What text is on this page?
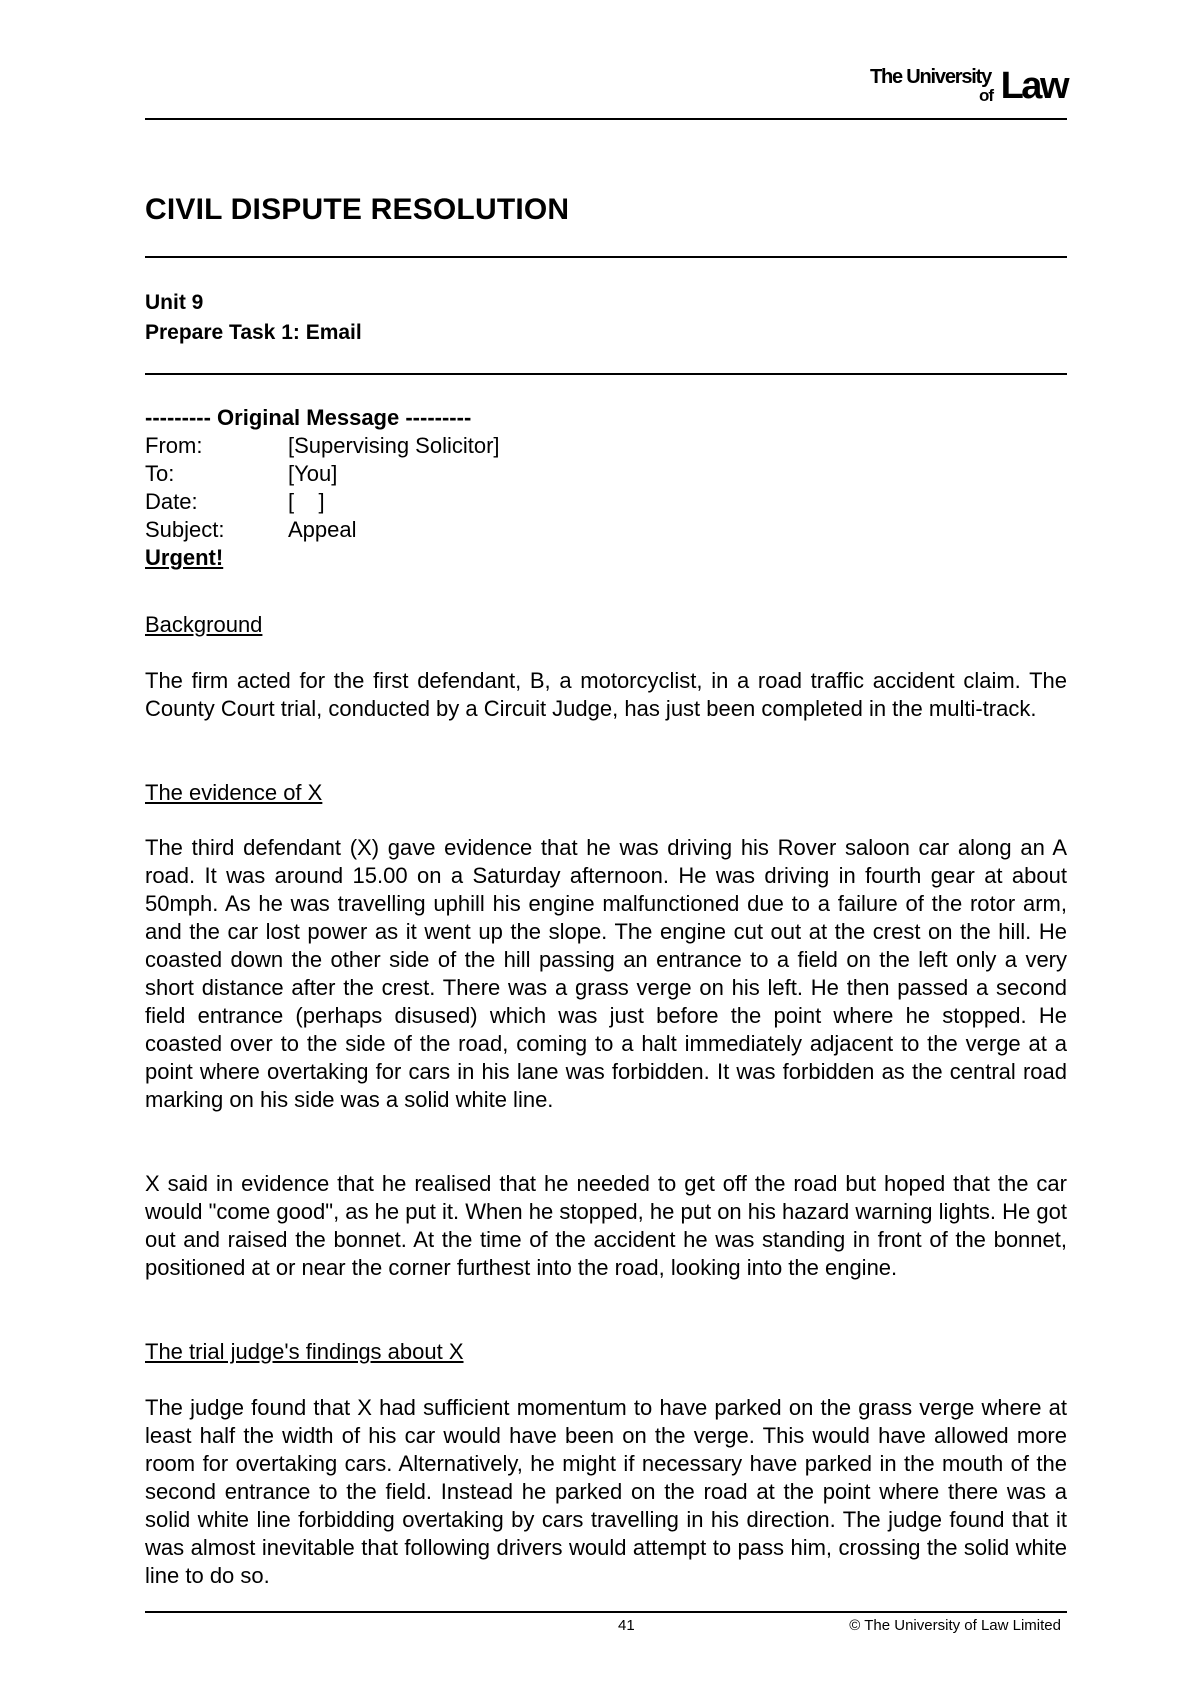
The University
of Law
CIVIL DISPUTE RESOLUTION
Unit 9
Prepare Task 1: Email
--------- Original Message ---------
From:	[Supervising Solicitor]
To:	[You]
Date:	[    ]
Subject:	Appeal
Urgent!
Background
The firm acted for the first defendant, B, a motorcyclist, in a road traffic accident claim. The County Court trial, conducted by a Circuit Judge, has just been completed in the multi-track.
The evidence of X
The third defendant (X) gave evidence that he was driving his Rover saloon car along an A road. It was around 15.00 on a Saturday afternoon. He was driving in fourth gear at about 50mph. As he was travelling uphill his engine malfunctioned due to a failure of the rotor arm, and the car lost power as it went up the slope. The engine cut out at the crest on the hill. He coasted down the other side of the hill passing an entrance to a field on the left only a very short distance after the crest. There was a grass verge on his left. He then passed a second field entrance (perhaps disused) which was just before the point where he stopped. He coasted over to the side of the road, coming to a halt immediately adjacent to the verge at a point where overtaking for cars in his lane was forbidden. It was forbidden as the central road marking on his side was a solid white line.
X said in evidence that he realised that he needed to get off the road but hoped that the car would "come good", as he put it. When he stopped, he put on his hazard warning lights. He got out and raised the bonnet. At the time of the accident he was standing in front of the bonnet, positioned at or near the corner furthest into the road, looking into the engine.
The trial judge's findings about X
The judge found that X had sufficient momentum to have parked on the grass verge where at least half the width of his car would have been on the verge. This would have allowed more room for overtaking cars. Alternatively, he might if necessary have parked in the mouth of the second entrance to the field. Instead he parked on the road at the point where there was a solid white line forbidding overtaking by cars travelling in his direction. The judge found that it was almost inevitable that following drivers would attempt to pass him, crossing the solid white line to do so.
41	© The University of Law Limited
